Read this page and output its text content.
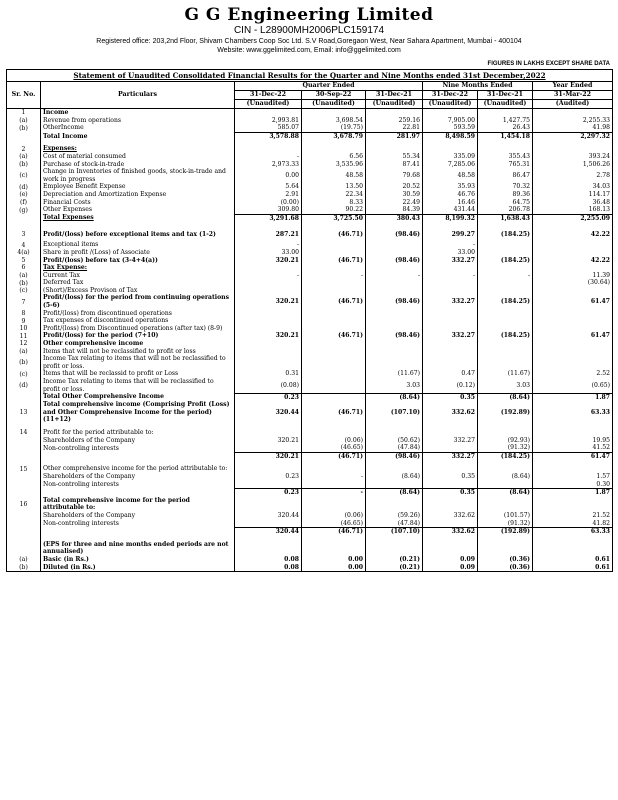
G G Engineering Limited
CIN - L28900MH2006PLC159174
Registered office: 203,2nd Floor, Shivam Chambers Coop Soc Ltd. S.V Road,Goregaon West, Near Sahara Apartment, Mumbai - 400104
Website: www.ggelimited.com, Email: info@ggelimited.com
FIGURES IN LAKHS EXCEPT SHARE DATA
Statement of Unaudited Consolidated Financial Results for the Quarter and Nine Months ended 31st December,2022							
Sr. No.	Particulars	Quarter Ended			Nine Months Ended		Year Ended
		31-Dec-22	30-Sep-22	31-Dec-21	31-Dec-22	31-Dec-21	31-Mar-22
		(Unaudited)	(Unaudited)	(Unaudited)	(Unaudited)	(Unaudited)	(Audited)
1	Income						
(a)	Revenue from operations	2,993.81	3,698.54	259.16	7,905.00	1,427.75	2,255.33
(b)	OtherIncome	585.07	(19.75)	22.81	593.59	26.43	41.98
	Total Income	3,578.88	3,678.79	281.97	8,498.59	1,454.18	2,297.32

2	Expenses:						
(a)	Cost of material consumed	-	6.56	55.34	335.09	355.43	393.24
(b)	Purchase of stock-in-trade	2,973.33	3,535.96	87.41	7,285.06	765.31	1,506.26
(c)	Change in Inventories of finished goods, stock-in-trade and work in progress	0.00	48.58	79.68	48.58	86.47	2.78
(d)	Employee Benefit Expense	5.64	13.50	20.52	35.93	70.32	34.03
(e)	Depreciation and Amortization Expense	2.91	22.34	30.59	46.76	89.36	114.17
(f)	Financial Costs	(0.00)	8.33	22.49	16.46	64.75	36.48
(g)	Other Expenses	309.80	90.22	84.39	431.44	206.78	168.13
	Total Expenses	3,291.68	3,725.50	380.43	8,199.32	1,638.43	2,255.09

3	Profit/(loss) before exceptional items and tax (1-2)	287.21	(46.71)	(98.46)	299.27	(184.25)	42.22
4	Exceptional items	-			-		
4(a)	Share in profit /(Loss) of Associate	33.00			33.00		
5	Profit/(loss) before tax (3-4+4(a))	320.21	(46.71)	(98.46)	332.27	(184.25)	42.22
6	Tax Expense:						
(a)	Current Tax	-	-	-	-	-	11.39
(b)	Deferred Tax						(30.64)
(c)	(Short)/Excess Provison of Tax						
7	Profit/(loss) for the period from continuing operations (5-6)	320.21	(46.71)	(98.46)	332.27	(184.25)	61.47
8	Profit/(loss) from discontinued operations						
9	Tax expenses of discontinued operations						
10	Profit/(loss) from Discontinued operations (after tax) (8-9)						
11	Profit/(loss) for the period (7+10)	320.21	(46.71)	(98.46)	332.27	(184.25)	61.47
12	Other comprehensive income						
(a)	Items that will not be reclassified to profit or loss						
(b)	Income Tax relating to items that will not be reclassified to profit or loss.						
(c)	Items that will be reclassid to profit or Loss	0.31		(11.67)	0.47	(11.67)	2.52
(d)	Income Tax relating to items that will be reclassified to profit or loss.	(0.08)		3.03	(0.12)	3.03	(0.65)
	Total Other Comprehensive Income	0.23		(8.64)	0.35	(8.64)	1.87
13	Total comprehensive income (Comprising Profit (Loss) and Other Comprehensive Income for the period) (11+12)	320.44	(46.71)	(107.10)	332.62	(192.89)	63.33

14	Profit for the period attributable to:						
	Shareholders of the Company	320.21	(0.06)	(50.62)	332.27	(92.93)	19.95
	Non-controling interests		(46.65)	(47.84)		(91.32)	41.52
		320.21	(46.71)	(98.46)	332.27	(184.25)	61.47

15	Other comprehensive income for the period attributable to:						
	Shareholders of the Company	0.23	-	(8.64)	0.35	(8.64)	1.57
	Non-controling interests						0.30
		0.23	-	(8.64)	0.35	(8.64)	1.87
16	Total comprehensive income for the period attributable to:						
	Shareholders of the Company	320.44	(0.06)	(59.26)	332.62	(101.57)	21.52
	Non-controling interests		(46.65)	(47.84)		(91.32)	41.82
		320.44	(46.71)	(107.10)	332.62	(192.89)	63.33

	(EPS for three and nine months ended periods are not annualised)						
(a)	Basic (in Rs.)	0.08	0.00	(0.21)	0.09	(0.36)	0.61
(b)	Diluted (in Rs.)	0.08	0.00	(0.21)	0.09	(0.36)	0.61
